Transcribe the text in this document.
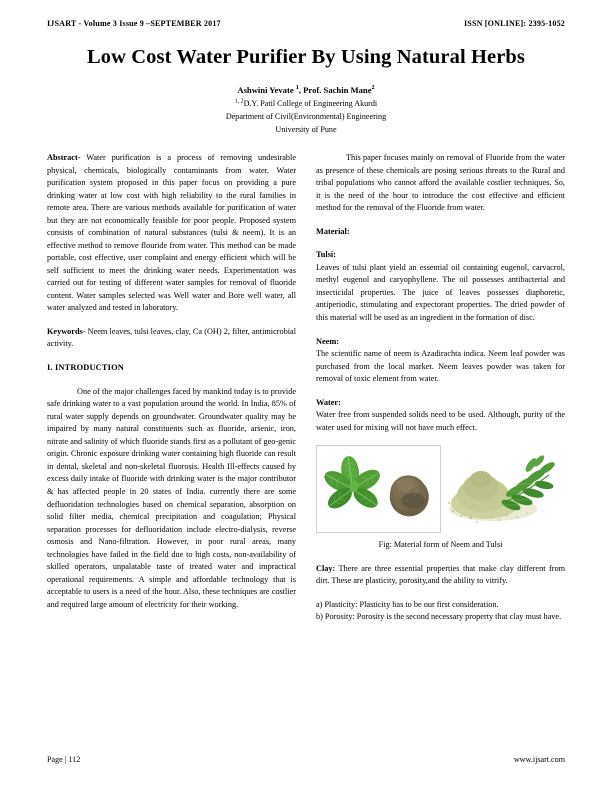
IJSART - Volume 3 Issue 9 –SEPTEMBER 2017	ISSN [ONLINE]: 2395-1052
Low Cost Water Purifier By Using Natural Herbs
Ashwini Yevate $^1$, Prof. Sachin Mane$^2$
$^{1, 2}$D.Y. Patil College of Engineering Akurdi
Department of Civil(Environmental) Engineering
University of Pune

Abstract- Water purification is a process of removing undesirable physical, chemicals, biologically contaminants from water. Water purification system proposed in this paper focus on providing a pure drinking water at low cost with high reliability to the rural families in remote area. There are various methods available for purification of water but they are not economically feasible for poor people. Proposed system consists of combination of natural substances (tulsi & neem). It is an effective method to remove flouride from water. This method can be made portable, cost effective, user complaint and energy efficient which will be self sufficient to meet the drinking water needs. Experimentation was carried out for testing of different water samples for removal of fluoride content. Water samples selected was Well water and Bore well water, all water analyzed and tested in laboratory.

Keywords- Neem leaves, tulsi leaves, clay, Ca (OH) 2, filter, antimicrobial activity.

I. INTRODUCTION

One of the major challenges faced by mankind today is to provide safe drinking water to a vast population around the world. In India, 85% of rural water supply depends on groundwater. Groundwater quality may be impaired by many natural constituents such as fluoride, arsenic, iron, nitrate and salinity of which fluoride stands first as a pollutant of geo-genic origin. Chronic exposure drinking water containing high fluoride can result in dental, skeletal and non-skeletal fluorosis. Health Ill-effects caused by excess daily intake of fluoride with drinking water is the major contributor & has affected people in 20 states of India. currently there are some defluoridation technologies based on chemical separation, absorption on solid filter media, chemical precipitation and coagulation; Physical separation processes for defluoridation include electro-dialysis, reverse osmosis and Nano-filtration. However, in poor rural areas, many technologies have failed in the field due to high costs, non-availability of skilled operators, unpalatable taste of treated water and impractical operational requirements. A simple and affordable technology that is acceptable to users is a need of the hour. Also, these techniques are costlier and required large amount of electricity for their working.

This paper focuses mainly on removal of Fluoride from the water as presence of these chemicals are posing serious threats to the Rural and tribal populations who cannot afford the available costlier techniques. So, it is the need of the hour to introduce the cost effective and efficient method for the removal of the Fluoride from water.

Material:

Tulsi:

Leaves of tulsi plant yield an essential oil containing eugenol, carvacrol, methyl eugenol and caryophyllene. The oil possesses antibacterial and insecticidal properties. The juice of leaves possesses diaphoretic, antiperiodic, stimulating and expectorant properties. The dried powder of this material will be used as an ingredient in the formation of disc.

Neem:

The scientific name of neem is Azadirachta indica. Neem leaf powder was purchased from the local market. Neem leaves powder was taken for removal of toxic element from water.

Water:

Water free from suspended solids need to be used. Although, purity of the water used for mixing will not have much effect.

Fig: Material form of Neem and Tulsi

Clay: There are three essential properties that make clay different from dirt. These are plasticity, porosity,and the ability to vitrify.

a) Plasticity: Plasticity has to be our first consideration.

b) Porosity: Porosity is the second necessary property that clay must have.

Page | 112	www.ijsart.com
